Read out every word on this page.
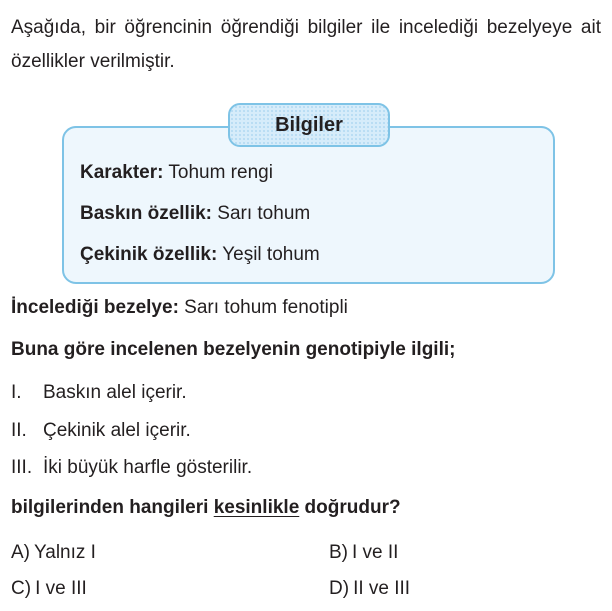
Aşağıda, bir öğrencinin öğrendiği bilgiler ile incelediği bezelyeye ait özellikler verilmiştir.

Bilgiler
Karakter: Tohum rengi
Baskın özellik: Sarı tohum
Çekinik özellik: Yeşil tohum
İncelediği bezelye: Sarı tohum fenotipli
Buna göre incelenen bezelyenin genotipiyle ilgili;
I. Baskın alel içerir.
II. Çekinik alel içerir.
III. İki büyük harfle gösterilir.
bilgilerinden hangileri kesinlikle doğrudur?
A) Yalnız I	B) I ve II
C) I ve III	D) II ve III
